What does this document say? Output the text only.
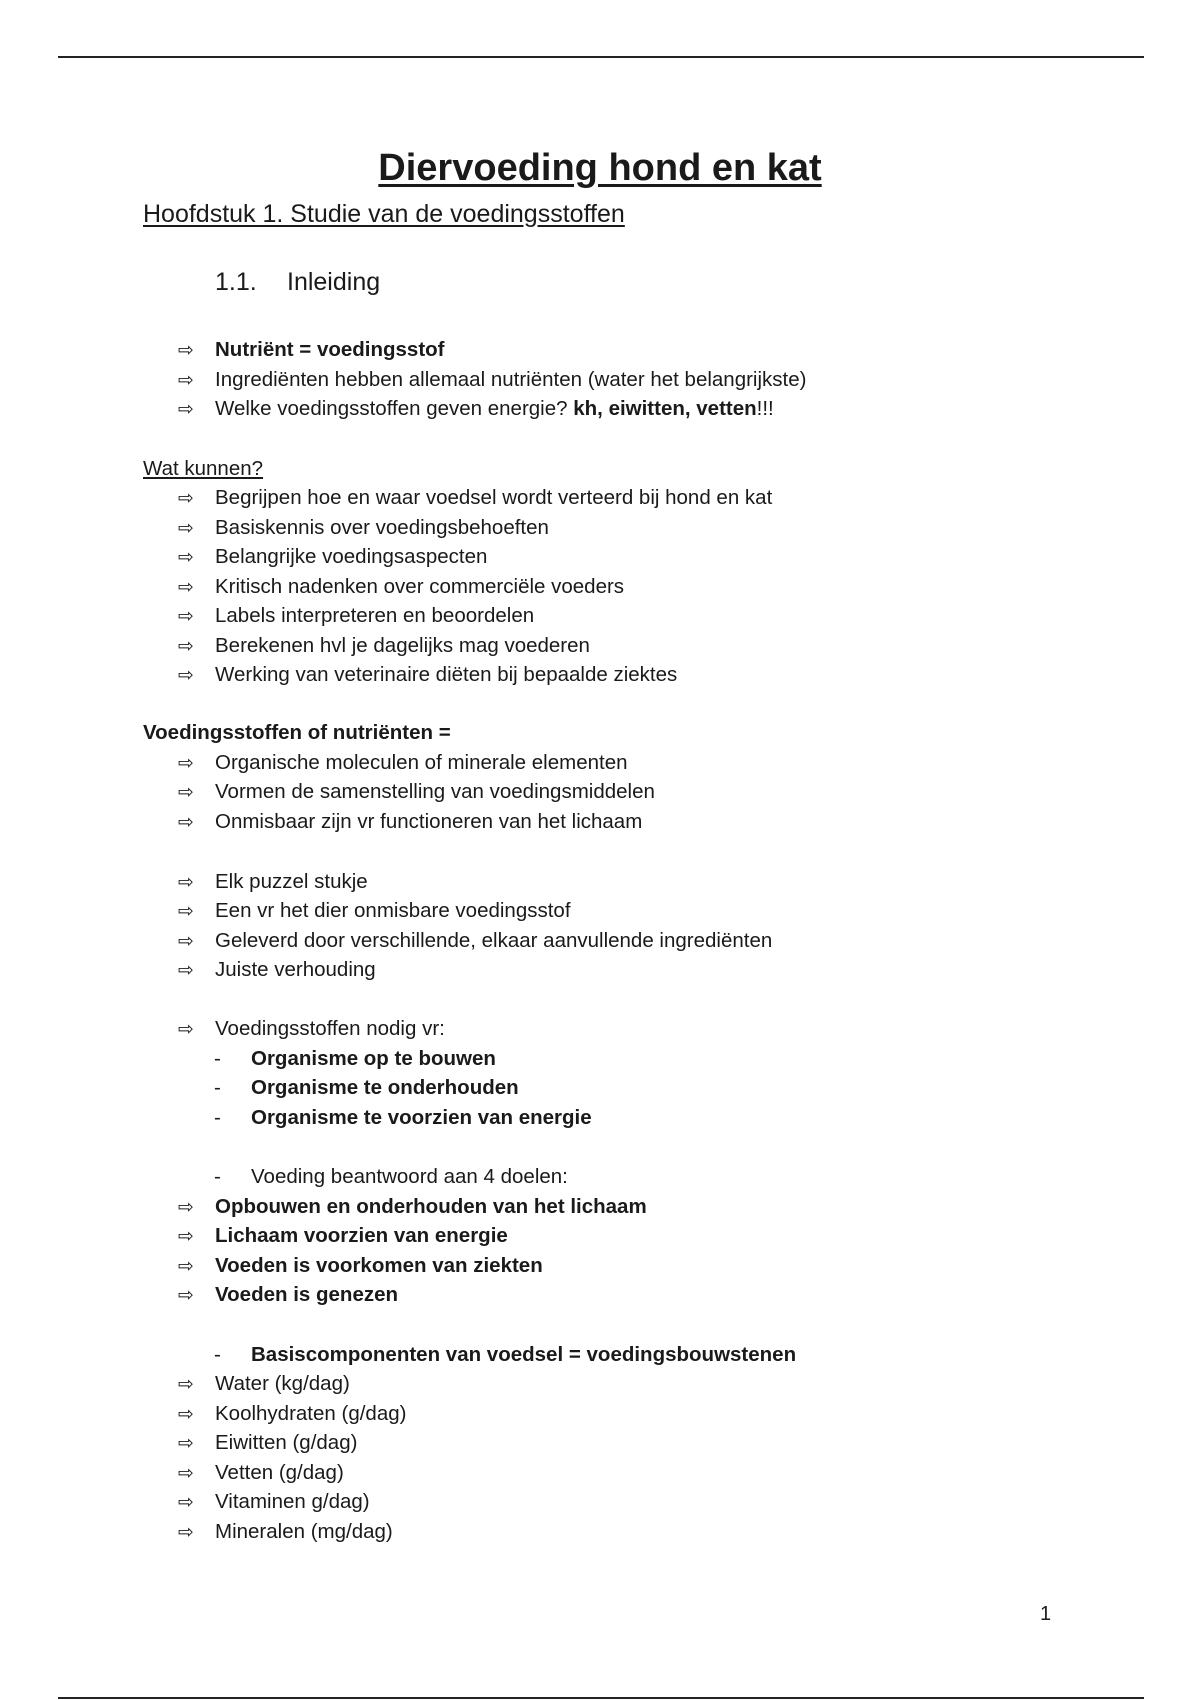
Diervoeding hond en kat
Hoofdstuk 1. Studie van de voedingsstoffen
1.1. Inleiding
⇨ Nutriënt = voedingsstof
⇨ Ingrediënten hebben allemaal nutriënten (water het belangrijkste)
⇨ Welke voedingsstoffen geven energie? kh, eiwitten, vetten!!!
Wat kunnen?
⇨ Begrijpen hoe en waar voedsel wordt verteerd bij hond en kat
⇨ Basiskennis over voedingsbehoeften
⇨ Belangrijke voedingsaspecten
⇨ Kritisch nadenken over commerciële voeders
⇨ Labels interpreteren en beoordelen
⇨ Berekenen hvl je dagelijks mag voederen
⇨ Werking van veterinaire diëten bij bepaalde ziektes
Voedingsstoffen of nutriënten =
⇨ Organische moleculen of minerale elementen
⇨ Vormen de samenstelling van voedingsmiddelen
⇨ Onmisbaar zijn vr functioneren van het lichaam
⇨ Elk puzzel stukje
⇨ Een vr het dier onmisbare voedingsstof
⇨ Geleverd door verschillende, elkaar aanvullende ingrediënten
⇨ Juiste verhouding
⇨ Voedingsstoffen nodig vr:
- Organisme op te bouwen
- Organisme te onderhouden
- Organisme te voorzien van energie
- Voeding beantwoord aan 4 doelen:
⇨ Opbouwen en onderhouden van het lichaam
⇨ Lichaam voorzien van energie
⇨ Voeden is voorkomen van ziekten
⇨ Voeden is genezen
- Basiscomponenten van voedsel = voedingsbouwstenen
⇨ Water (kg/dag)
⇨ Koolhydraten (g/dag)
⇨ Eiwitten (g/dag)
⇨ Vetten (g/dag)
⇨ Vitaminen g/dag)
⇨ Mineralen (mg/dag)
1
